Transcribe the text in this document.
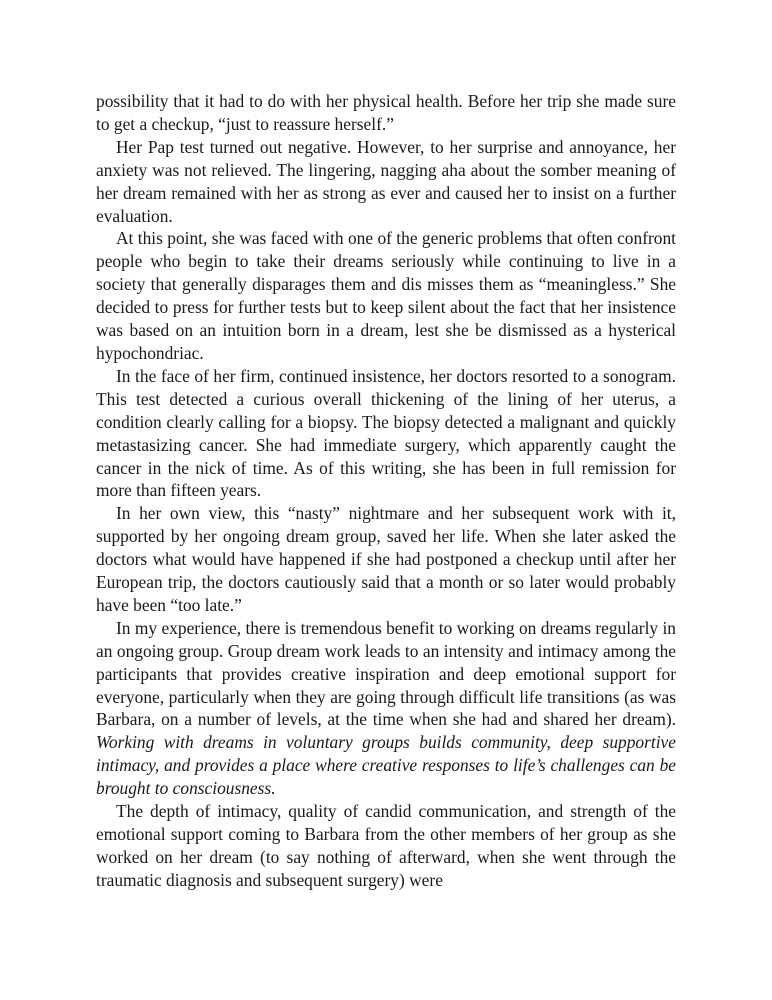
possibility that it had to do with her physical health. Before her trip she made sure to get a checkup, “just to reassure herself.”

Her Pap test turned out negative. However, to her surprise and annoyance, her anxiety was not relieved. The lingering, nagging aha about the somber meaning of her dream remained with her as strong as ever and caused her to insist on a further evaluation.

At this point, she was faced with one of the generic problems that often confront people who begin to take their dreams seriously while continuing to live in a society that generally disparages them and dis misses them as “meaningless.” She decided to press for further tests but to keep silent about the fact that her insistence was based on an intuition born in a dream, lest she be dismissed as a hysterical hypochondriac.

In the face of her firm, continued insistence, her doctors resorted to a sonogram. This test detected a curious overall thickening of the lining of her uterus, a condition clearly calling for a biopsy. The biopsy detected a malignant and quickly metastasizing cancer. She had immediate surgery, which apparently caught the cancer in the nick of time. As of this writing, she has been in full remission for more than fifteen years.

In her own view, this “nasty” nightmare and her subsequent work with it, supported by her ongoing dream group, saved her life. When she later asked the doctors what would have happened if she had postponed a checkup until after her European trip, the doctors cautiously said that a month or so later would probably have been “too late.”

In my experience, there is tremendous benefit to working on dreams regularly in an ongoing group. Group dream work leads to an intensity and intimacy among the participants that provides creative inspiration and deep emotional support for everyone, particularly when they are going through difficult life transitions (as was Barbara, on a number of levels, at the time when she had and shared her dream). Working with dreams in voluntary groups builds community, deep supportive intimacy, and provides a place where creative responses to life’s challenges can be brought to consciousness.

The depth of intimacy, quality of candid communication, and strength of the emotional support coming to Barbara from the other members of her group as she worked on her dream (to say nothing of afterward, when she went through the traumatic diagnosis and subsequent surgery) were
